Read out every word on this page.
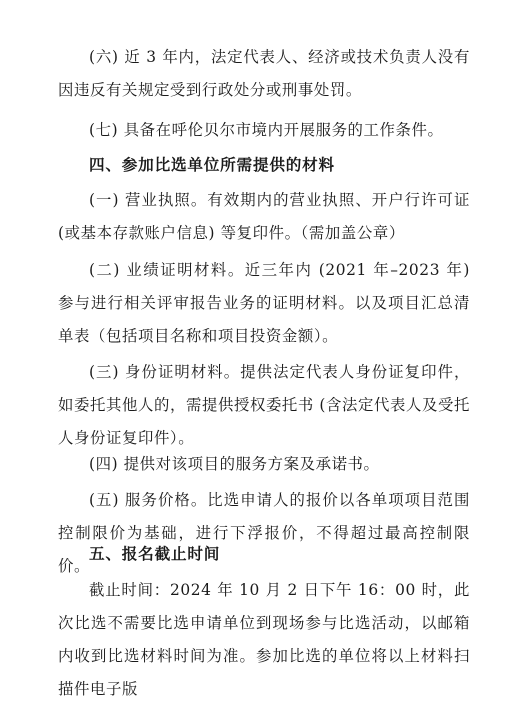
(六) 近 3 年内，法定代表人、经济或技术负责人没有因违反有关规定受到行政处分或刑事处罚。

(七) 具备在呼伦贝尔市境内开展服务的工作条件。

四、参加比选单位所需提供的材料

(一) 营业执照。有效期内的营业执照、开户行许可证(或基本存款账户信息) 等复印件。（需加盖公章）

(二) 业绩证明材料。近三年内 (2021 年–2023 年) 参与进行相关评审报告业务的证明材料。以及项目汇总清单表（包括项目名称和项目投资金额）。

(三) 身份证明材料。提供法定代表人身份证复印件，如委托其他人的，需提供授权委托书 (含法定代表人及受托人身份证复印件）。

(四) 提供对该项目的服务方案及承诺书。

(五) 服务价格。比选申请人的报价以各单项项目范围控制限价为基础，进行下浮报价，不得超过最高控制限价。

五、报名截止时间

截止时间：2024 年 10 月 2 日下午 16：00 时，此次比选不需要比选申请单位到现场参与比选活动，以邮箱内收到比选材料时间为准。参加比选的单位将以上材料扫描件电子版
